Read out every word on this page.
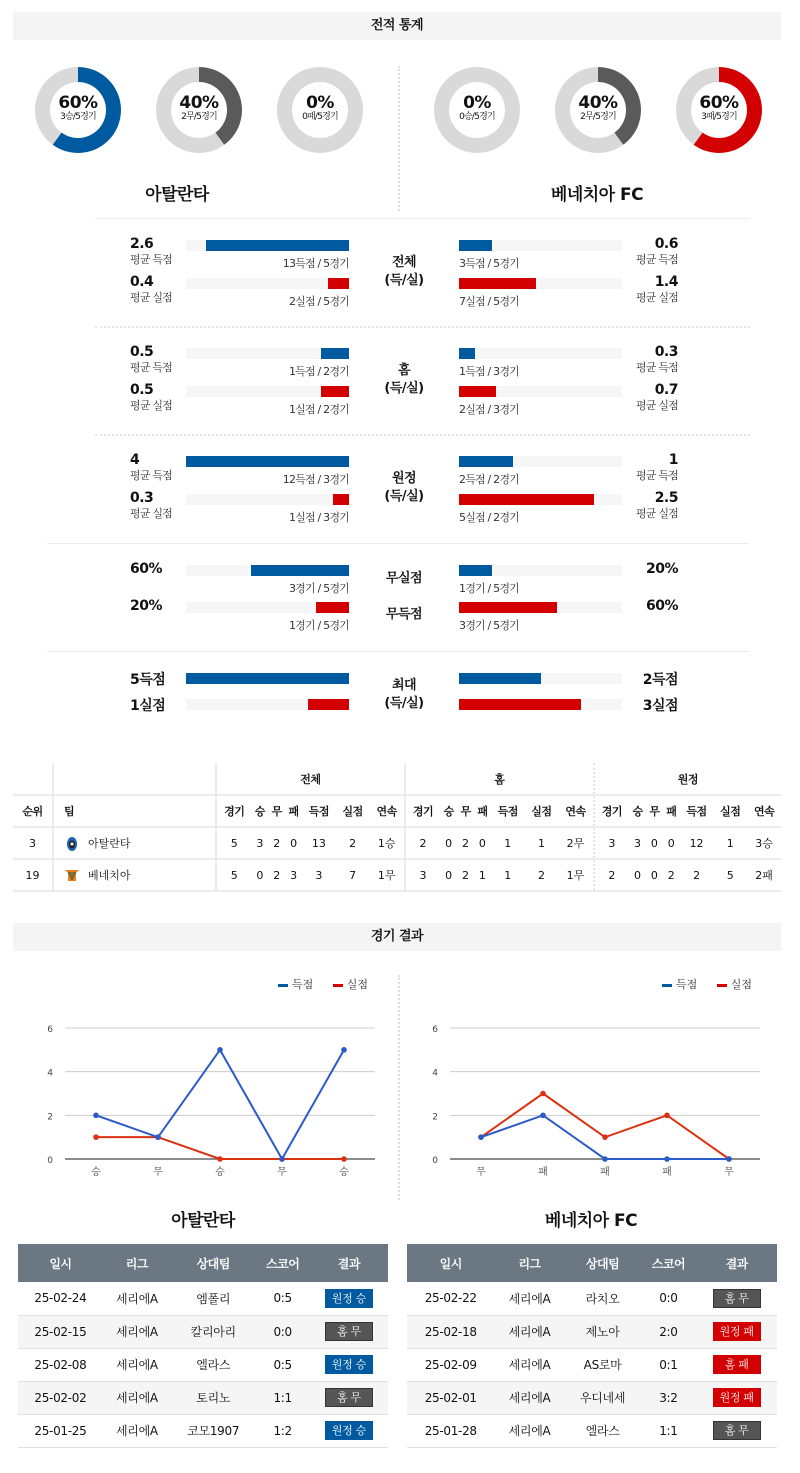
전적 통계
60%
3승/5경기
40%
2무/5경기
0%
0패/5경기
0%
0승/5경기
40%
2무/5경기
60%
3패/5경기
아탈란타	베네치아 FC
2.6
평균 득점	13득점 / 5경기
0.4
평균 실점	2실점 / 5경기
0.6
평균 득점
3득점 / 5경기
1.4
평균 실점
7실점 / 5경기
전체
(득/실)
0.5
평균 득점	1득점 / 2경기
0.5
평균 실점	1실점 / 2경기
0.3
평균 득점
1득점 / 3경기
0.7
평균 실점
2실점 / 3경기
홈
(득/실)
4
평균 득점	12득점 / 3경기
0.3
평균 실점	1실점 / 3경기
1
평균 득점
2득점 / 2경기
2.5
평균 실점
5실점 / 2경기
원정
(득/실)
60%
3경기 / 5경기
20%
1경기 / 5경기
20%
1경기 / 5경기
60%
3경기 / 5경기
무실점
무득점
5득점	2득점
1실점	3실점
최대
(득/실)
		전체							홈							원정						
순위	팀	경기	승	무	패	득점	실점	연속	경기	승	무	패	득점	실점	연속	경기	승	무	패	득점	실점	연속
3	아탈란타	5	3	2	0	13	2	1승	2	0	2	0	1	1	2무	3	3	0	0	12	1	3승
19	베네치아	5	0	2	3	3	7	1무	3	0	2	1	1	2	1무	2	0	0	2	2	5	2패
경기 결과
득점	실점	득점	실점
0
2
4
6
승	무	승	무	승
0
2
4
6
무	패	패	패	무
아탈란타	베네치아 FC
일시	리그	상대팀	스코어	결과
25-02-24	세리에A	엠폴리	0:5	원정 승
25-02-15	세리에A	칼리아리	0:0	홈 무
25-02-08	세리에A	엘라스	0:5	원정 승
25-02-02	세리에A	토리노	1:1	홈 무
25-01-25	세리에A	코모1907	1:2	원정 승
일시	리그	상대팀	스코어	결과
25-02-22	세리에A	라치오	0:0	홈 무
25-02-18	세리에A	제노아	2:0	원정 패
25-02-09	세리에A	AS로마	0:1	홈 패
25-02-01	세리에A	우디네세	3:2	원정 패
25-01-28	세리에A	엘라스	1:1	홈 무
